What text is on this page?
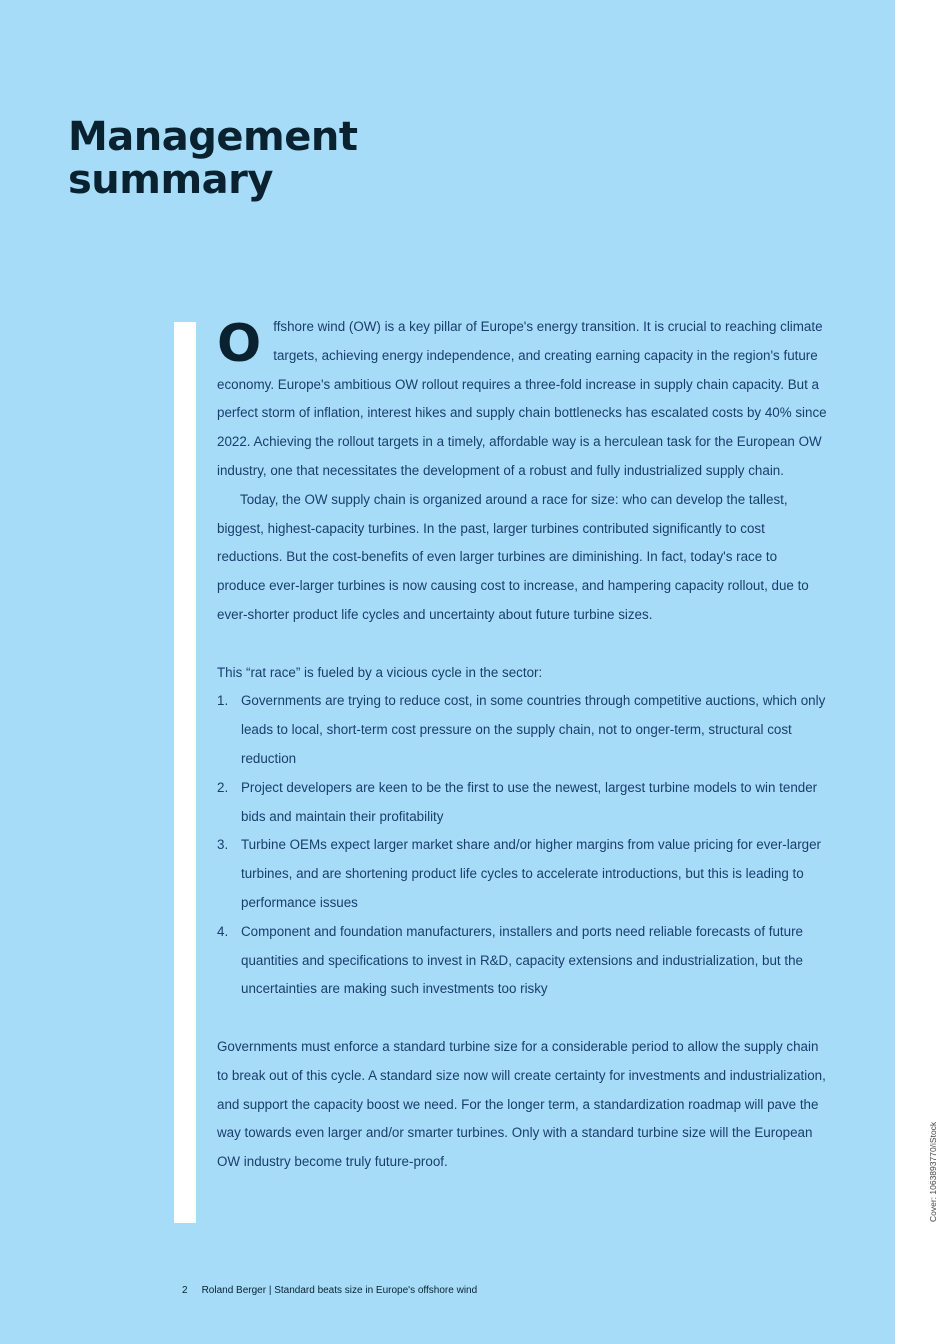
Management
summary

Offshore wind (OW) is a key pillar of Europe's energy transition. It is crucial to reaching climate targets, achieving energy independence, and creating earning capacity in the region's future economy. Europe's ambitious OW rollout requires a three-fold increase in supply chain capacity. But a perfect storm of inflation, interest hikes and supply chain bottlenecks has escalated costs by 40% since 2022. Achieving the rollout targets in a timely, affordable way is a herculean task for the European OW industry, one that necessitates the development of a robust and fully industrialized supply chain.

Today, the OW supply chain is organized around a race for size: who can develop the tallest, biggest, highest-capacity turbines. In the past, larger turbines contributed significantly to cost reductions. But the cost-benefits of even larger turbines are diminishing. In fact, today's race to produce ever-larger turbines is now causing cost to increase, and hampering capacity rollout, due to ever-shorter product life cycles and uncertainty about future turbine sizes.

This “rat race” is fueled by a vicious cycle in the sector:

1. Governments are trying to reduce cost, in some countries through competitive auctions, which only leads to local, short-term cost pressure on the supply chain, not to onger-term, structural cost reduction
2. Project developers are keen to be the first to use the newest, largest turbine models to win tender bids and maintain their profitability
3. Turbine OEMs expect larger market share and/or higher margins from value pricing for ever-larger turbines, and are shortening product life cycles to accelerate introductions, but this is leading to performance issues
4. Component and foundation manufacturers, installers and ports need reliable forecasts of future quantities and specifications to invest in R&D, capacity extensions and industrialization, but the uncertainties are making such investments too risky

Governments must enforce a standard turbine size for a considerable period to allow the supply chain to break out of this cycle. A standard size now will create certainty for investments and industrialization, and support the capacity boost we need. For the longer term, a standardization roadmap will pave the way towards even larger and/or smarter turbines. Only with a standard turbine size will the European OW industry become truly future-proof.

2 Roland Berger | Standard beats size in Europe's offshore wind
Cover: 1063893770/iStock
